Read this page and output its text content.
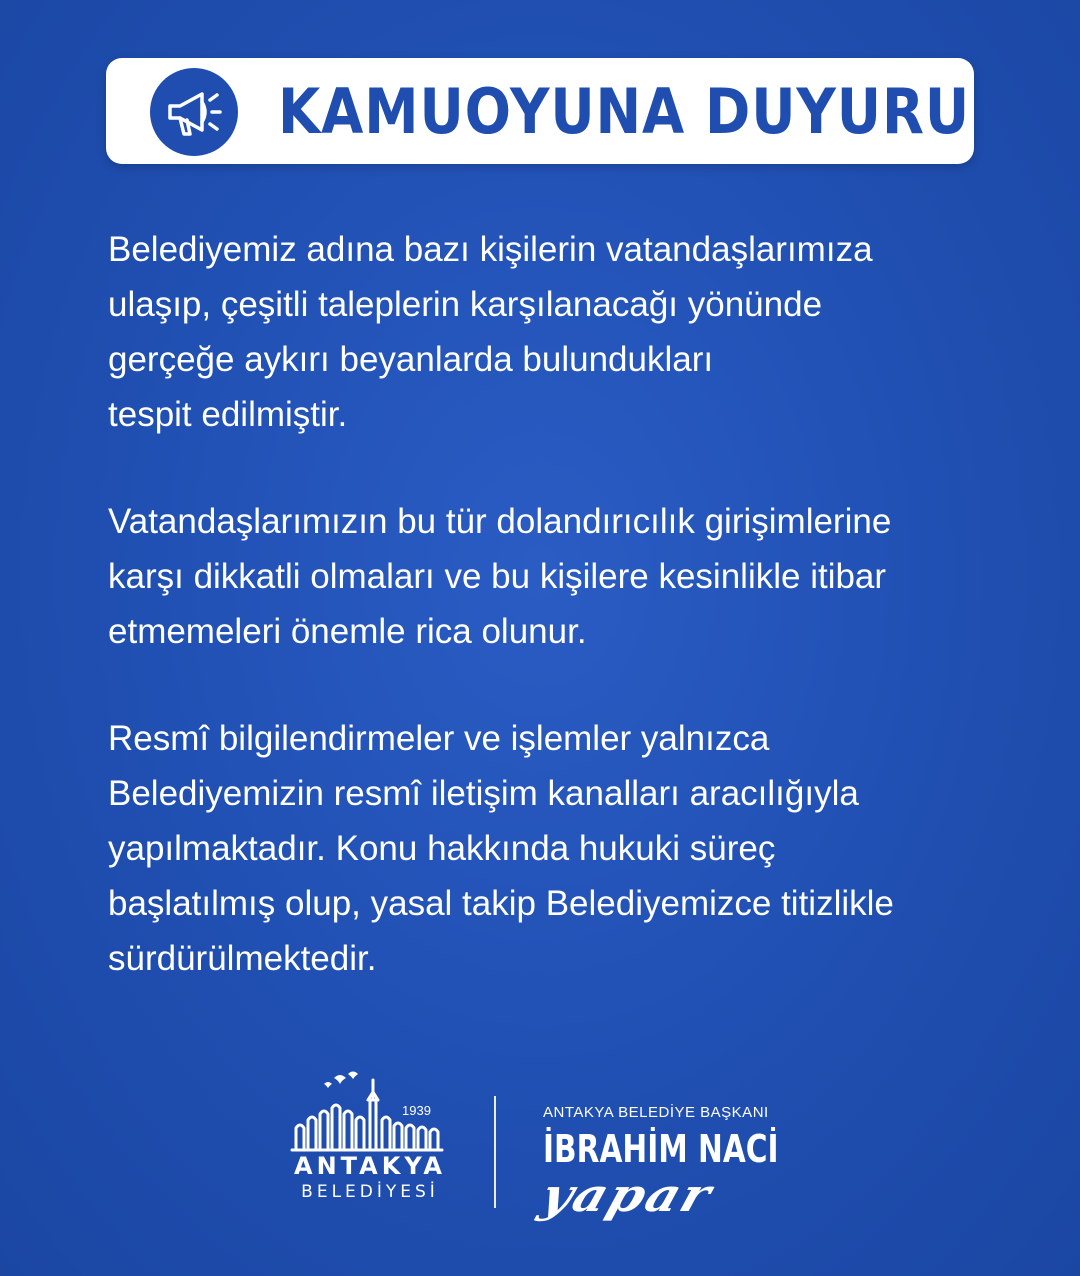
KAMUOYUNA DUYURU

Belediyemiz adına bazı kişilerin vatandaşlarımıza
ulaşıp, çeşitli taleplerin karşılanacağı yönünde
gerçeğe aykırı beyanlarda bulundukları
tespit edilmiştir.

Vatandaşlarımızın bu tür dolandırıcılık girişimlerine
karşı dikkatli olmaları ve bu kişilere kesinlikle itibar
etmemeleri önemle rica olunur.

Resmî bilgilendirmeler ve işlemler yalnızca
Belediyemizin resmî iletişim kanalları aracılığıyla
yapılmaktadır. Konu hakkında hukuki süreç
başlatılmış olup, yasal takip Belediyemizce titizlikle
sürdürülmektedir.

1939
ANTAKYA
BELEDİYESİ
ANTAKYA BELEDİYE BAŞKANI
İBRAHİM NACİ
yapar
